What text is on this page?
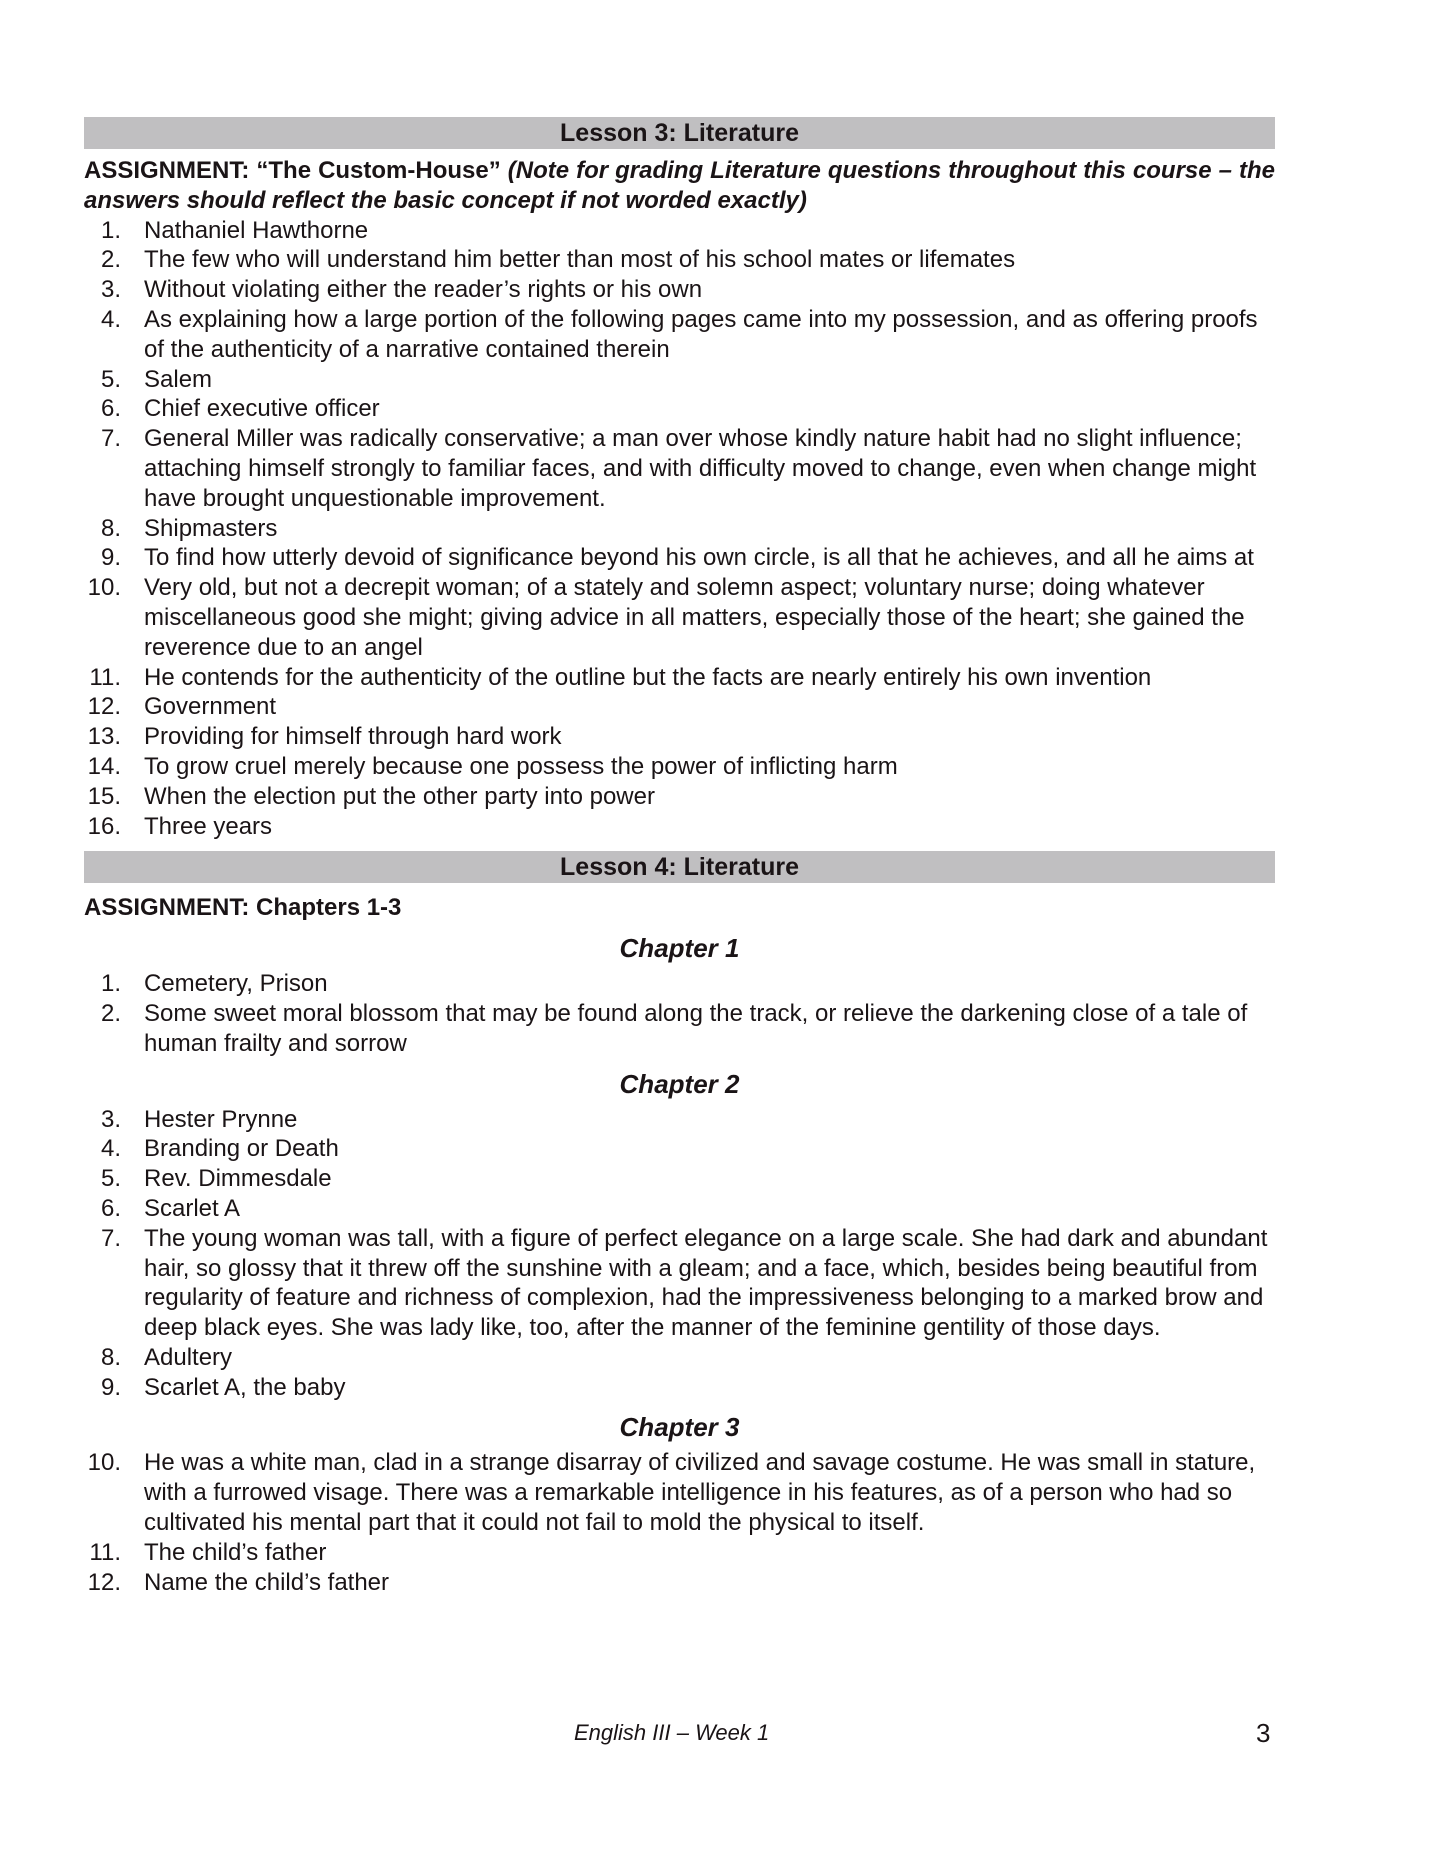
Lesson 3: Literature
ASSIGNMENT: “The Custom-House” (Note for grading Literature questions throughout this course – the answers should reflect the basic concept if not worded exactly)
1. Nathaniel Hawthorne
2. The few who will understand him better than most of his school mates or lifemates
3. Without violating either the reader’s rights or his own
4. As explaining how a large portion of the following pages came into my possession, and as offering proofs of the authenticity of a narrative contained therein
5. Salem
6. Chief executive officer
7. General Miller was radically conservative; a man over whose kindly nature habit had no slight influence; attaching himself strongly to familiar faces, and with difficulty moved to change, even when change might have brought unquestionable improvement.
8. Shipmasters
9. To find how utterly devoid of significance beyond his own circle, is all that he achieves, and all he aims at
10. Very old, but not a decrepit woman; of a stately and solemn aspect; voluntary nurse; doing whatever miscellaneous good she might; giving advice in all matters, especially those of the heart; she gained the reverence due to an angel
11. He contends for the authenticity of the outline but the facts are nearly entirely his own invention
12. Government
13. Providing for himself through hard work
14. To grow cruel merely because one possess the power of inflicting harm
15. When the election put the other party into power
16. Three years
Lesson 4: Literature
ASSIGNMENT: Chapters 1-3
Chapter 1
1. Cemetery, Prison
2. Some sweet moral blossom that may be found along the track, or relieve the darkening close of a tale of human frailty and sorrow
Chapter 2
3. Hester Prynne
4. Branding or Death
5. Rev. Dimmesdale
6. Scarlet A
7. The young woman was tall, with a figure of perfect elegance on a large scale. She had dark and abundant hair, so glossy that it threw off the sunshine with a gleam; and a face, which, besides being beautiful from regularity of feature and richness of complexion, had the impressiveness belonging to a marked brow and deep black eyes. She was lady like, too, after the manner of the feminine gentility of those days.
8. Adultery
9. Scarlet A, the baby
Chapter 3
10. He was a white man, clad in a strange disarray of civilized and savage costume. He was small in stature, with a furrowed visage. There was a remarkable intelligence in his features, as of a person who had so cultivated his mental part that it could not fail to mold the physical to itself.
11. The child’s father
12. Name the child’s father
English III – Week 1	3
